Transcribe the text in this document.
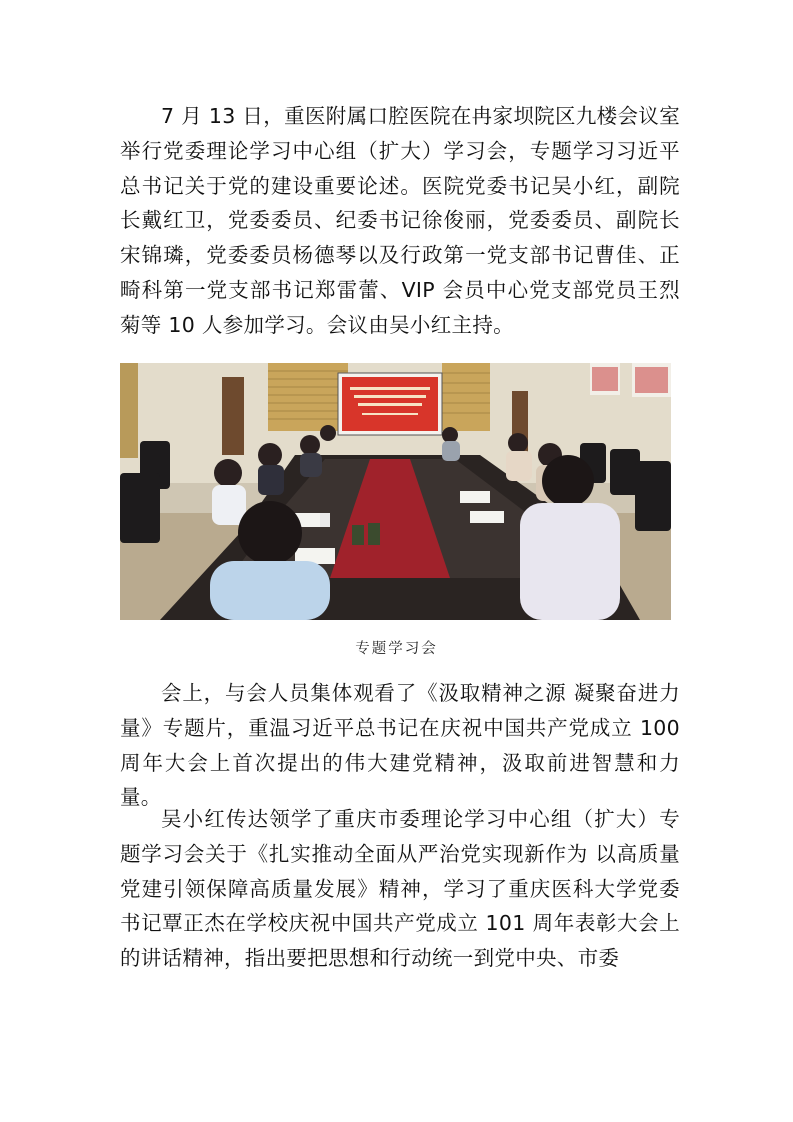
7 月 13 日，重医附属口腔医院在冉家坝院区九楼会议室举行党委理论学习中心组（扩大）学习会，专题学习习近平总书记关于党的建设重要论述。医院党委书记吴小红，副院长戴红卫，党委委员、纪委书记徐俊丽，党委委员、副院长宋锦璘，党委委员杨德琴以及行政第一党支部书记曹佳、正畸科第一党支部书记郑雷蕾、VIP 会员中心党支部党员王烈菊等 10 人参加学习。会议由吴小红主持。

专题学习会

会上，与会人员集体观看了《汲取精神之源 凝聚奋进力量》专题片，重温习近平总书记在庆祝中国共产党成立 100 周年大会上首次提出的伟大建党精神，汲取前进智慧和力量。

吴小红传达领学了重庆市委理论学习中心组（扩大）专题学习会关于《扎实推动全面从严治党实现新作为 以高质量党建引领保障高质量发展》精神，学习了重庆医科大学党委书记覃正杰在学校庆祝中国共产党成立 101 周年表彰大会上的讲话精神，指出要把思想和行动统一到党中央、市委
